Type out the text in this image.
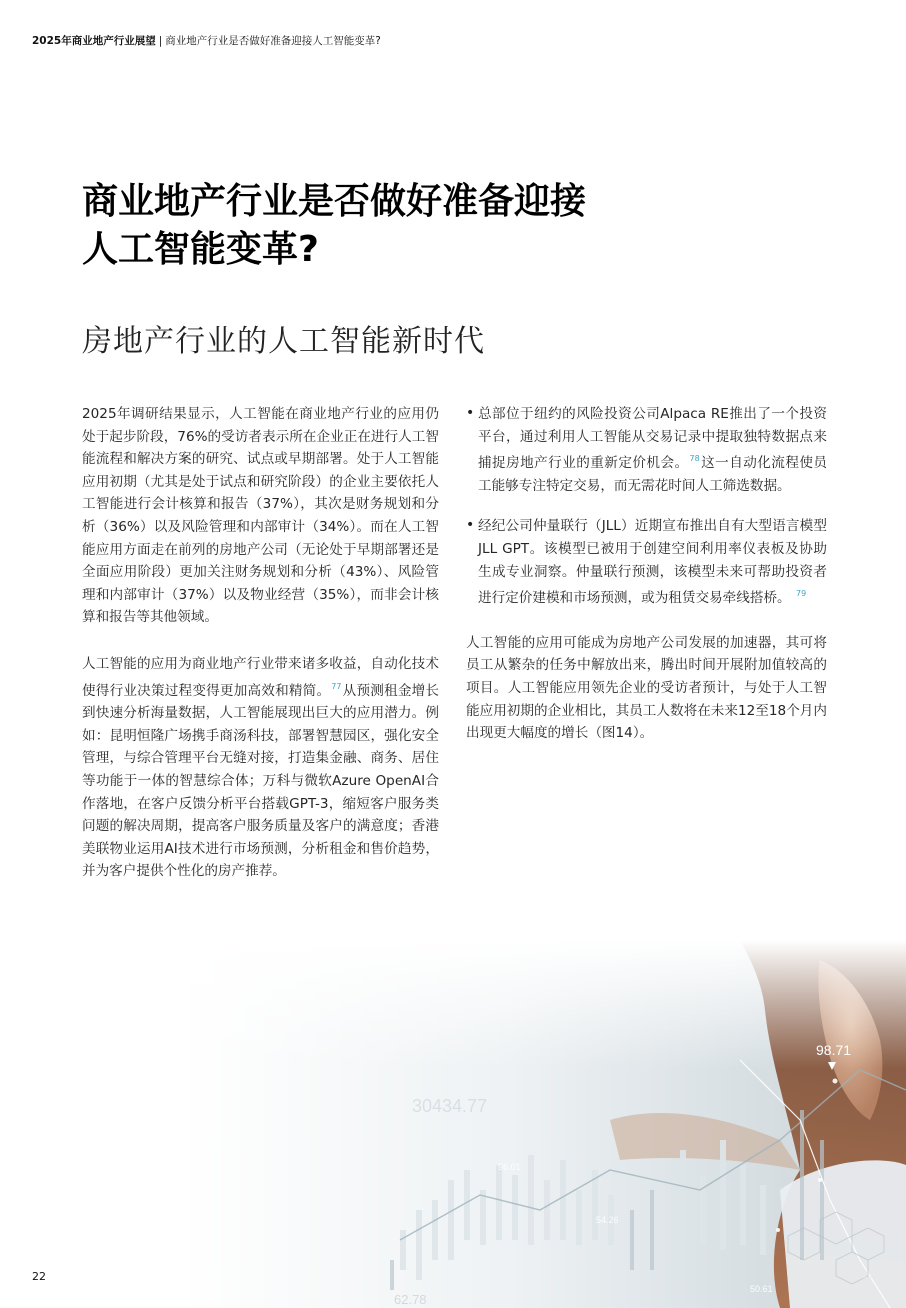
2025年商业地产行业展望 | 商业地产行业是否做好准备迎接人工智能变革?
商业地产行业是否做好准备迎接
人工智能变革?
房地产行业的人工智能新时代

2025年调研结果显示，人工智能在商业地产行业的应用仍处于起步阶段，76%的受访者表示所在企业正在进行人工智能流程和解决方案的研究、试点或早期部署。处于人工智能应用初期（尤其是处于试点和研究阶段）的企业主要依托人工智能进行会计核算和报告（37%），其次是财务规划和分析（36%）以及风险管理和内部审计（34%）。而在人工智能应用方面走在前列的房地产公司（无论处于早期部署还是全面应用阶段）更加关注财务规划和分析（43%）、风险管理和内部审计（37%）以及物业经营（35%），而非会计核算和报告等其他领域。

人工智能的应用为商业地产行业带来诸多收益，自动化技术使得行业决策过程变得更加高效和精简。$^{77}$从预测租金增长到快速分析海量数据，人工智能展现出巨大的应用潜力。例如：昆明恒隆广场携手商汤科技，部署智慧园区，强化安全管理，与综合管理平台无缝对接，打造集金融、商务、居住等功能于一体的智慧综合体；万科与微软Azure OpenAI合作落地，在客户反馈分析平台搭载GPT-3，缩短客户服务类问题的解决周期，提高客户服务质量及客户的满意度；香港美联物业运用AI技术进行市场预测，分析租金和售价趋势，并为客户提供个性化的房产推荐。

• 总部位于纽约的风险投资公司Alpaca RE推出了一个投资平台，通过利用人工智能从交易记录中提取独特数据点来捕捉房地产行业的重新定价机会。$^{78}$这一自动化流程使员工能够专注特定交易，而无需花时间人工筛选数据。
• 经纪公司仲量联行（JLL）近期宣布推出自有大型语言模型JLL GPT。该模型已被用于创建空间利用率仪表板及协助生成专业洞察。仲量联行预测，该模型未来可帮助投资者进行定价建模和市场预测，或为租赁交易牵线搭桥。 $^{79}$

人工智能的应用可能成为房地产公司发展的加速器，其可将员工从繁杂的任务中解放出来，腾出时间开展附加值较高的项目。人工智能应用领先企业的受访者预计，与处于人工智能应用初期的企业相比，其员工人数将在未来12至18个月内出现更大幅度的增长（图14）。

98.71
30434.77
96.01
54.26
50.61
62.78
21.34
22
